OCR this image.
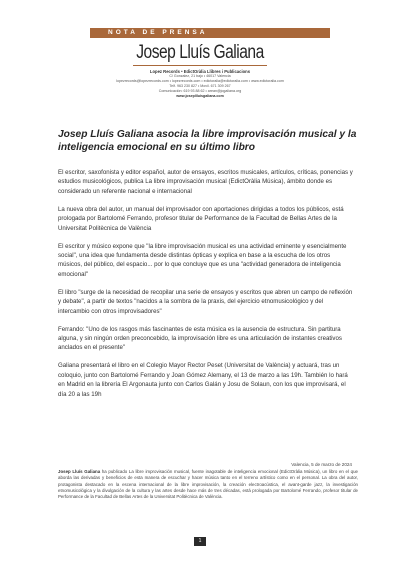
NOTA DE PRENSA
Josep Lluís Galiana
Lopez Records • EdictOràlia Llibres i Publicacions
C/ Gonzalez, 21 bajo • 46017 Valencia
lopezrecords@lopezrecords.com • lopezrecords.com • edictoralia@edictoralia.com • www.edictoralia.com
Telf. 963 230 827 • Movil. 671 309 267
Comunicación: 619 93 88 62 • arean@jogaliana.org
www.josepllluisgaliana.com
Josep Lluís Galiana asocia la libre improvisación musical y la inteligencia emocional en su último libro

El escritor, saxofonista y editor español, autor de ensayos, escritos musicales, artículos, críticas, ponencias y estudios musicológicos, publica La libre improvisación musical (EdictOràlia Música), ámbito donde es considerado un referente nacional e internacional

La nueva obra del autor, un manual del improvisador con aportaciones dirigidas a todos los públicos, está prologada por Bartolomé Ferrando, profesor titular de Performance de la Facultad de Bellas Artes de la Universitat Politècnica de València

El escritor y músico expone que "la libre improvisación musical es una actividad eminente y esencialmente social", una idea que fundamenta desde distintas ópticas y explica en base a la escucha de los otros músicos, del público, del espacio... por lo que concluye que es una "actividad generadora de inteligencia emocional"

El libro "surge de la necesidad de recopilar una serie de ensayos y escritos que abren un campo de reflexión y debate", a partir de textos "nacidos a la sombra de la praxis, del ejercicio etnomusicológico y del intercambio con otros improvisadores"

Ferrando: "Uno de los rasgos más fascinantes de esta música es la ausencia de estructura. Sin partitura alguna, y sin ningún orden preconcebido, la improvisación libre es una articulación de instantes creativos anclados en el presente"

Galiana presentará el libro en el Colegio Mayor Rector Peset (Universitat de València) y actuará, tras un coloquio, junto con Bartolomé Ferrando y Joan Gómez Alemany, el 13 de marzo a las 19h. También lo hará en Madrid en la librería El Argonauta junto con Carlos Galán y Josu de Solaun, con los que improvisará, el día 20 a las 19h

Valencia, 5 de marzo de 2024
Josep Lluís Galiana ha publicado La libre improvisación musical, fuente inagotable de inteligencia emocional (EdictOràlia Música), un libro en el que aborda las derivadas y beneficios de esta manera de escuchar y hacer música tanto en el terreno artístico como en el personal. La obra del autor, protagonista destacado en la escena internacional de la libre improvisación, la creación electroacústica, el avant-garde jazz, la investigación etnomusicológica y la divulgación de la cultura y las artes desde hace más de tres décadas, está prologada por Bartolomé Ferrando, profesor titular de Performance de la Facultad de Bellas Artes de la Universitat Politècnica de València.
1
